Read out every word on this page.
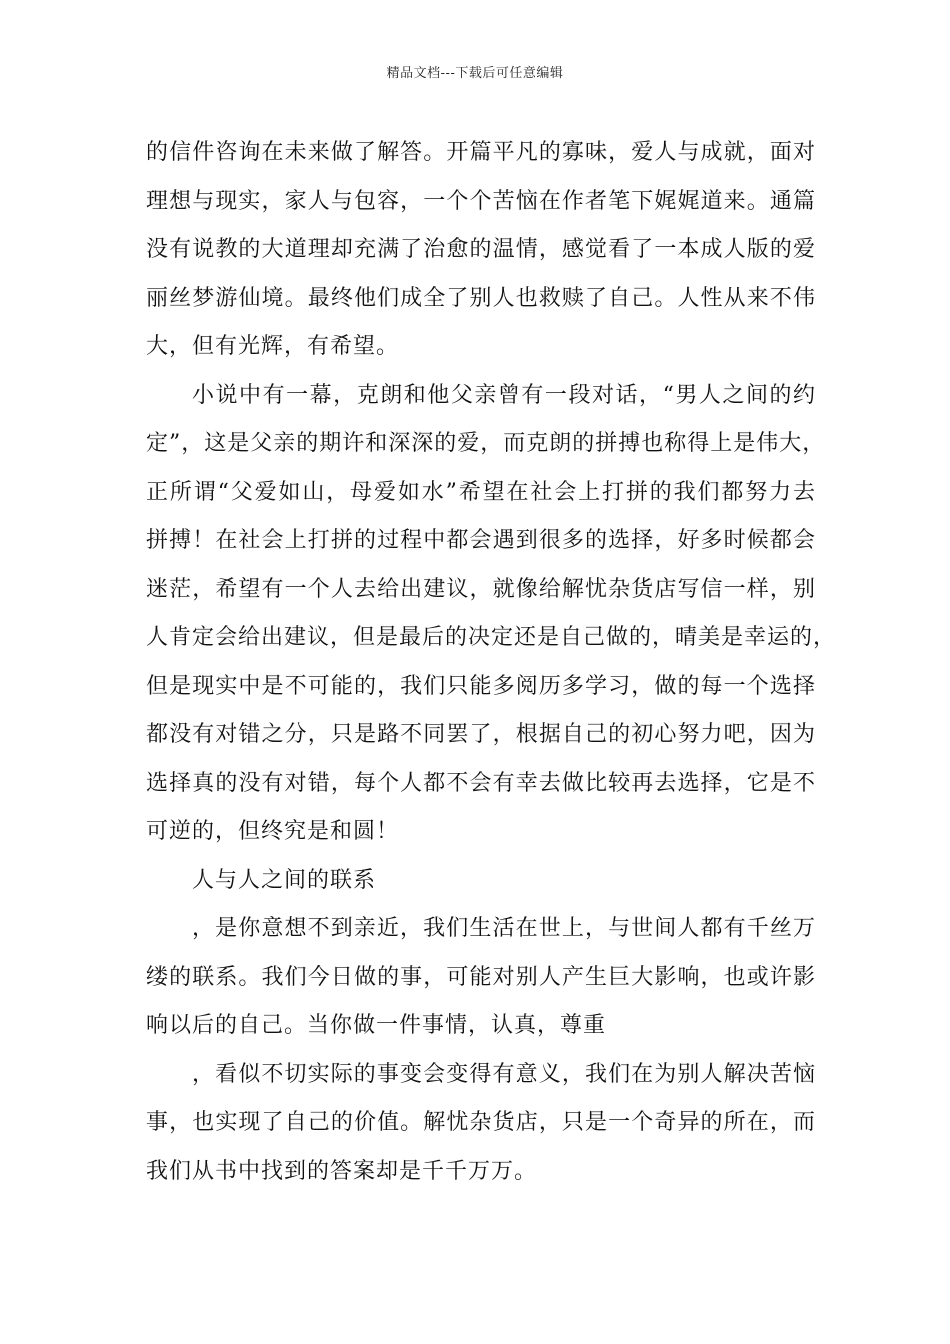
精品文档---下载后可任意编辑
的信件咨询在未来做了解答。开篇平凡的寡味，爱人与成就，面对
理想与现实，家人与包容，一个个苦恼在作者笔下娓娓道来。通篇
没有说教的大道理却充满了治愈的温情，感觉看了一本成人版的爱
丽丝梦游仙境。最终他们成全了别人也救赎了自己。人性从来不伟
大，但有光辉，有希望。
小说中有一幕，克朗和他父亲曾有一段对话，“男人之间的约
定”，这是父亲的期许和深深的爱，而克朗的拼搏也称得上是伟大，
正所谓“父爱如山，母爱如水”希望在社会上打拼的我们都努力去
拼搏！在社会上打拼的过程中都会遇到很多的选择，好多时候都会
迷茫，希望有一个人去给出建议，就像给解忧杂货店写信一样，别
人肯定会给出建议，但是最后的决定还是自己做的，晴美是幸运的，
但是现实中是不可能的，我们只能多阅历多学习，做的每一个选择
都没有对错之分，只是路不同罢了，根据自己的初心努力吧，因为
选择真的没有对错，每个人都不会有幸去做比较再去选择，它是不
可逆的，但终究是和圆！
人与人之间的联系
，是你意想不到亲近，我们生活在世上，与世间人都有千丝万
缕的联系。我们今日做的事，可能对别人产生巨大影响，也或许影
响以后的自己。当你做一件事情，认真，尊重
，看似不切实际的事变会变得有意义，我们在为别人解决苦恼
事，也实现了自己的价值。解忧杂货店，只是一个奇异的所在，而
我们从书中找到的答案却是千千万万。
